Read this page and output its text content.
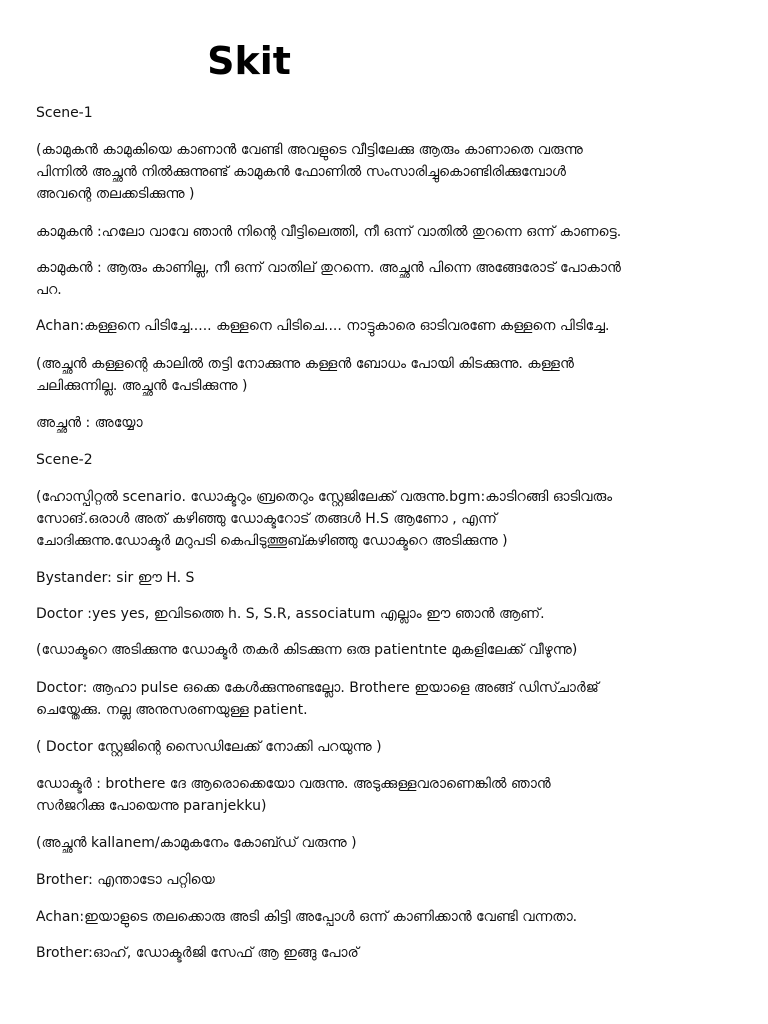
Skit

Scene-1

(കാമുകൻ കാമുകിയെ കാണാൻ വേണ്ടി അവളുടെ വീട്ടിലേക്കു ആരും കാണാതെ വരുന്നു
പിന്നിൽ അച്ഛൻ നിൽക്കുന്നുണ്ട് കാമുകൻ ഫോണിൽ സംസാരിച്ചുകൊണ്ടിരിക്കുമ്പോൾ
അവന്റെ തലക്കടിക്കുന്നു )

കാമുകൻ :ഹലോ വാവേ ഞാൻ നിന്റെ വീട്ടിലെത്തി, നീ ഒന്ന് വാതിൽ തുറന്നെ ഒന്ന് കാണട്ടെ.

കാമുകൻ : ആരും കാണില്ല, നീ ഒന്ന് വാതില് തുറന്നെ. അച്ഛൻ പിന്നെ അങ്ങേരോട് പോകാൻ
പറ.

Achan:കള്ളനെ പിടിച്ചേ..... കള്ളനെ പിടിചെ.... നാട്ടുകാരെ ഓടിവരണേ കള്ളനെ പിടിച്ചേ.

(അച്ഛൻ കള്ളന്റെ കാലിൽ തട്ടി നോക്കുന്നു കള്ളൻ ബോധം പോയി കിടക്കുന്നു. കള്ളൻ
ചലിക്കുന്നില്ല. അച്ഛൻ പേടിക്കുന്നു )

അച്ഛൻ : അയ്യോ

Scene-2

(ഹോസ്പിറ്റൽ scenario. ഡോക്ടറും ബ്രതെറും സ്റ്റേജിലേക്ക് വരുന്നു.bgm:കാടിറങ്ങി ഓടിവരും
സോങ്.ഒരാൾ അത് കഴിഞ്ഞു ഡോക്ടറോട് തങ്ങൾ H.S ആണോ , എന്ന്
ചോദിക്കുന്നു.ഡോക്ടർ മറുപടി കെപിടുത്തൂബ്കഴിഞ്ഞു ഡോക്ടറെ അടിക്കുന്നു )

Bystander: sir ഈ H. S

Doctor :yes yes, ഇവിടത്തെ h. S, S.R, associatum എല്ലാം ഈ ഞാൻ ആണ്.

(ഡോക്ടറെ അടിക്കുന്നു ഡോക്ടർ തകർ കിടക്കുന്ന ഒരു patientnte മുകളിലേക്ക് വീഴുന്നു)

Doctor: ആഹാ pulse ഒക്കെ കേൾക്കുന്നുണ്ടല്ലോ. Brothere ഇയാളെ അങ്ങ് ഡിസ്ചാർജ്
ചെയ്തേക്കു. നല്ല അനുസരണയുള്ള patient.

( Doctor സ്റ്റേജിന്റെ സൈഡിലേക്ക് നോക്കി പറയുന്നു )

ഡോക്ടർ : brothere ദേ ആരൊക്കെയോ വരുന്നു. അടുക്കുള്ളവരാണെങ്കിൽ ഞാൻ
സർജറിക്കു പോയെന്നു paranjekku)

(അച്ഛൻ kallanem/കാമുകനേം കോബ്ഡ് വരുന്നു )

Brother: എന്താടോ പറ്റിയെ

Achan:ഇയാളുടെ തലക്കൊരു അടി കിട്ടി അപ്പോൾ ഒന്ന് കാണിക്കാൻ വേണ്ടി വന്നതാ.

Brother:ഓഹ്, ഡോക്ടർജി സേഫ് ആ ഇങ്ങു പോര്
